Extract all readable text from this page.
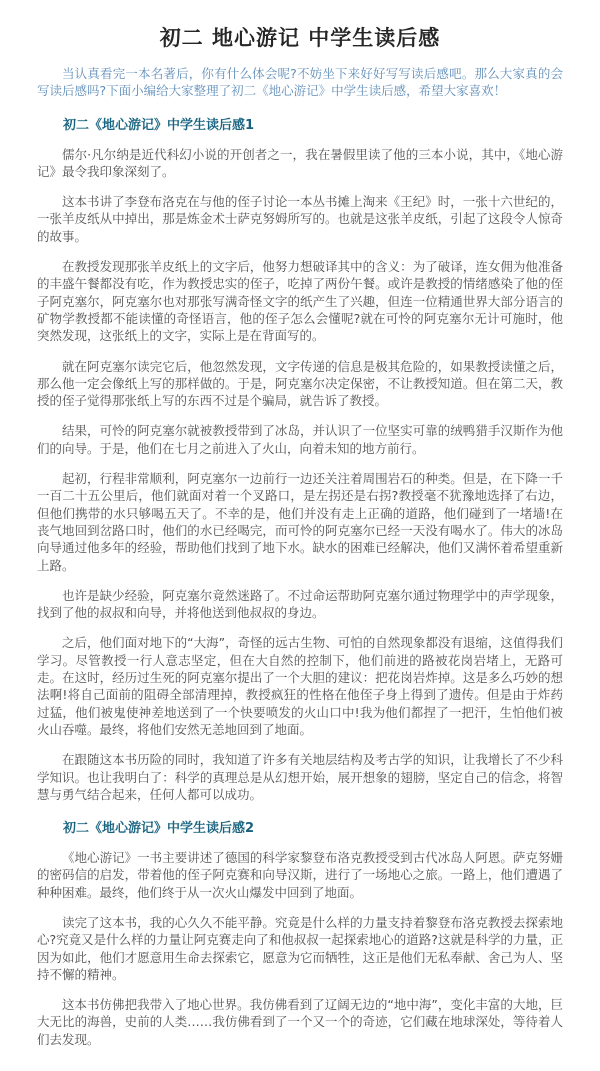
初二 地心游记 中学生读后感

当认真看完一本名著后，你有什么体会呢?不妨坐下来好好写写读后感吧。那么大家真的会写读后感吗?下面小编给大家整理了初二《地心游记》中学生读后感，希望大家喜欢！

初二《地心游记》中学生读后感1

儒尔·凡尔纳是近代科幻小说的开创者之一，我在暑假里读了他的三本小说，其中，《地心游记》最令我印象深刻了。

这本书讲了李登布洛克在与他的侄子讨论一本丛书摊上淘来《王纪》时，一张十六世纪的，一张羊皮纸从中掉出，那是炼金术士萨克努姆所写的。也就是这张羊皮纸，引起了这段令人惊奇的故事。

在教授发现那张羊皮纸上的文字后，他努力想破译其中的含义：为了破译，连女佣为他准备的丰盛午餐都没有吃，作为教授忠实的侄子，吃掉了两份午餐。或许是教授的情绪感染了他的侄子阿克塞尔，阿克塞尔也对那张写满奇怪文字的纸产生了兴趣，但连一位精通世界大部分语言的矿物学教授都不能读懂的奇怪语言，他的侄子怎么会懂呢?就在可怜的阿克塞尔无计可施时，他突然发现，这张纸上的文字，实际上是在背面写的。

就在阿克塞尔读完它后，他忽然发现，文字传递的信息是极其危险的，如果教授读懂之后，那么他一定会像纸上写的那样做的。于是，阿克塞尔决定保密，不让教授知道。但在第二天，教授的侄子觉得那张纸上写的东西不过是个骗局，就告诉了教授。

结果，可怜的阿克塞尔就被教授带到了冰岛，并认识了一位坚实可靠的绒鸭猎手汉斯作为他们的向导。于是，他们在七月之前进入了火山，向着未知的地方前行。

起初，行程非常顺利，阿克塞尔一边前行一边还关注着周围岩石的种类。但是，在下降一千一百二十五公里后，他们就面对着一个叉路口，是左拐还是右拐?教授毫不犹豫地选择了右边，但他们携带的水只够喝五天了。不幸的是，他们并没有走上正确的道路，他们碰到了一堵墙!在丧气地回到岔路口时，他们的水已经喝完，而可怜的阿克塞尔已经一天没有喝水了。伟大的冰岛向导通过他多年的经验，帮助他们找到了地下水。缺水的困难已经解决，他们又满怀着希望重新上路。

也许是缺少经验，阿克塞尔竟然迷路了。不过命运帮助阿克塞尔通过物理学中的声学现象，找到了他的叔叔和向导，并将他送到他叔叔的身边。

之后，他们面对地下的“大海”，奇怪的远古生物、可怕的自然现象都没有退缩，这值得我们学习。尽管教授一行人意志坚定，但在大自然的控制下，他们前进的路被花岗岩堵上，无路可走。在这时，经历过生死的阿克塞尔提出了一个大胆的建议：把花岗岩炸掉。这是多么巧妙的想法啊!将自己面前的阻碍全部清理掉，教授疯狂的性格在他侄子身上得到了遗传。但是由于炸药过猛，他们被鬼使神差地送到了一个快要喷发的火山口中!我为他们都捏了一把汗，生怕他们被火山吞噬。最终，将他们安然无恙地回到了地面。

在跟随这本书历险的同时，我知道了许多有关地层结构及考古学的知识，让我增长了不少科学知识。也让我明白了：科学的真理总是从幻想开始，展开想象的翅膀，坚定自己的信念，将智慧与勇气结合起来，任何人都可以成功。

初二《地心游记》中学生读后感2

《地心游记》一书主要讲述了德国的科学家黎登布洛克教授受到古代冰岛人阿恩。萨克努姗的密码信的启发，带着他的侄子阿克赛和向导汉斯，进行了一场地心之旅。一路上，他们遭遇了种种困难。最终，他们终于从一次火山爆发中回到了地面。

读完了这本书，我的心久久不能平静。究竟是什么样的力量支持着黎登布洛克教授去探索地心?究竟又是什么样的力量让阿克赛走向了和他叔叔一起探索地心的道路?这就是科学的力量，正因为如此，他们才愿意用生命去探索它，愿意为它而牺牲，这正是他们无私奉献、舍己为人、坚持不懈的精神。

这本书仿佛把我带入了地心世界。我仿佛看到了辽阔无边的“地中海”，变化丰富的大地，巨大无比的海兽，史前的人类……我仿佛看到了一个又一个的奇迹，它们藏在地球深处，等待着人们去发现。
